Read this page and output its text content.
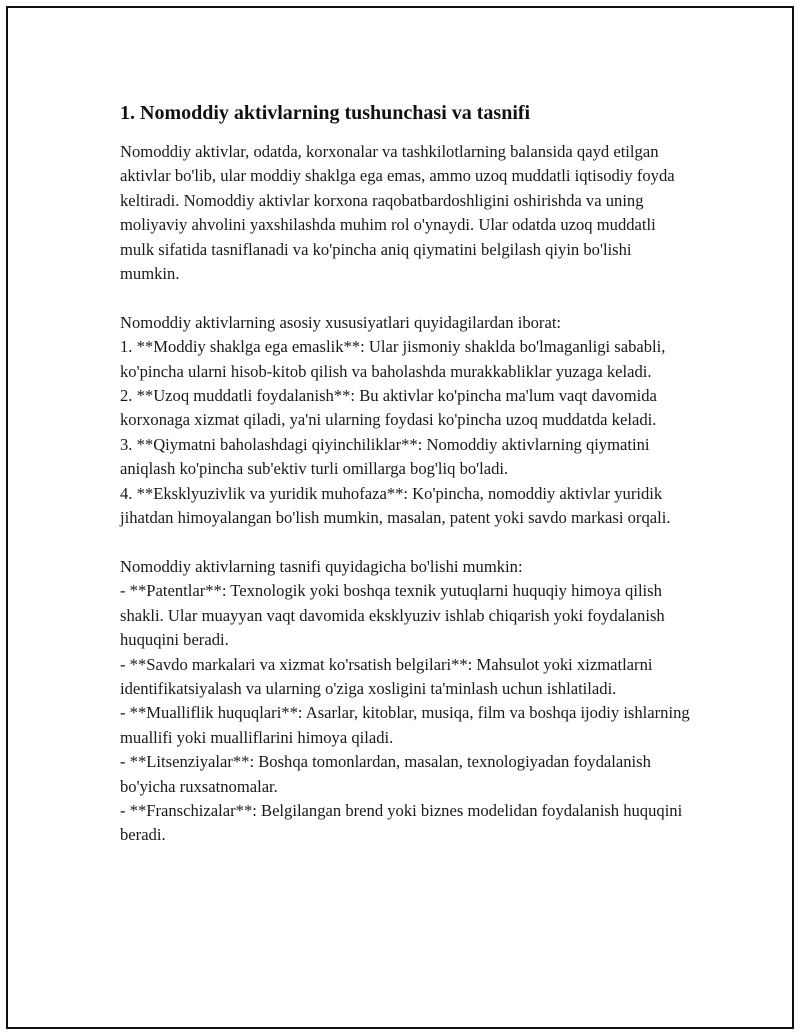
1. Nomoddiy aktivlarning tushunchasi va tasnifi

Nomoddiy aktivlar, odatda, korxonalar va tashkilotlarning balansida qayd etilgan aktivlar bo'lib, ular moddiy shaklga ega emas, ammo uzoq muddatli iqtisodiy foyda keltiradi. Nomoddiy aktivlar korxona raqobatbardoshligini oshirishda va uning moliyaviy ahvolini yaxshilashda muhim rol o'ynaydi. Ular odatda uzoq muddatli mulk sifatida tasniflanadi va ko'pincha aniq qiymatini belgilash qiyin bo'lishi mumkin.

Nomoddiy aktivlarning asosiy xususiyatlari quyidagilardan iborat:

1. **Moddiy shaklga ega emaslik**: Ular jismoniy shaklda bo'lmaganligi sababli, ko'pincha ularni hisob-kitob qilish va baholashda murakkabliklar yuzaga keladi.

2. **Uzoq muddatli foydalanish**: Bu aktivlar ko'pincha ma'lum vaqt davomida korxonaga xizmat qiladi, ya'ni ularning foydasi ko'pincha uzoq muddatda keladi.

3. **Qiymatni baholashdagi qiyinchiliklar**: Nomoddiy aktivlarning qiymatini aniqlash ko'pincha sub'ektiv turli omillarga bog'liq bo'ladi.

4. **Eksklyuzivlik va yuridik muhofaza**: Ko'pincha, nomoddiy aktivlar yuridik jihatdan himoyalangan bo'lish mumkin, masalan, patent yoki savdo markasi orqali.

Nomoddiy aktivlarning tasnifi quyidagicha bo'lishi mumkin:

- **Patentlar**: Texnologik yoki boshqa texnik yutuqlarni huquqiy himoya qilish shakli. Ular muayyan vaqt davomida eksklyuziv ishlab chiqarish yoki foydalanish huquqini beradi.

- **Savdo markalari va xizmat ko'rsatish belgilari**: Mahsulot yoki xizmatlarni identifikatsiyalash va ularning o'ziga xosligini ta'minlash uchun ishlatiladi.

- **Mualliflik huquqlari**: Asarlar, kitoblar, musiqa, film va boshqa ijodiy ishlarning muallifi yoki mualliflarini himoya qiladi.

- **Litsenziyalar**: Boshqa tomonlardan, masalan, texnologiyadan foydalanish bo'yicha ruxsatnomalar.

- **Franschizalar**: Belgilangan brend yoki biznes modelidan foydalanish huquqini beradi.
